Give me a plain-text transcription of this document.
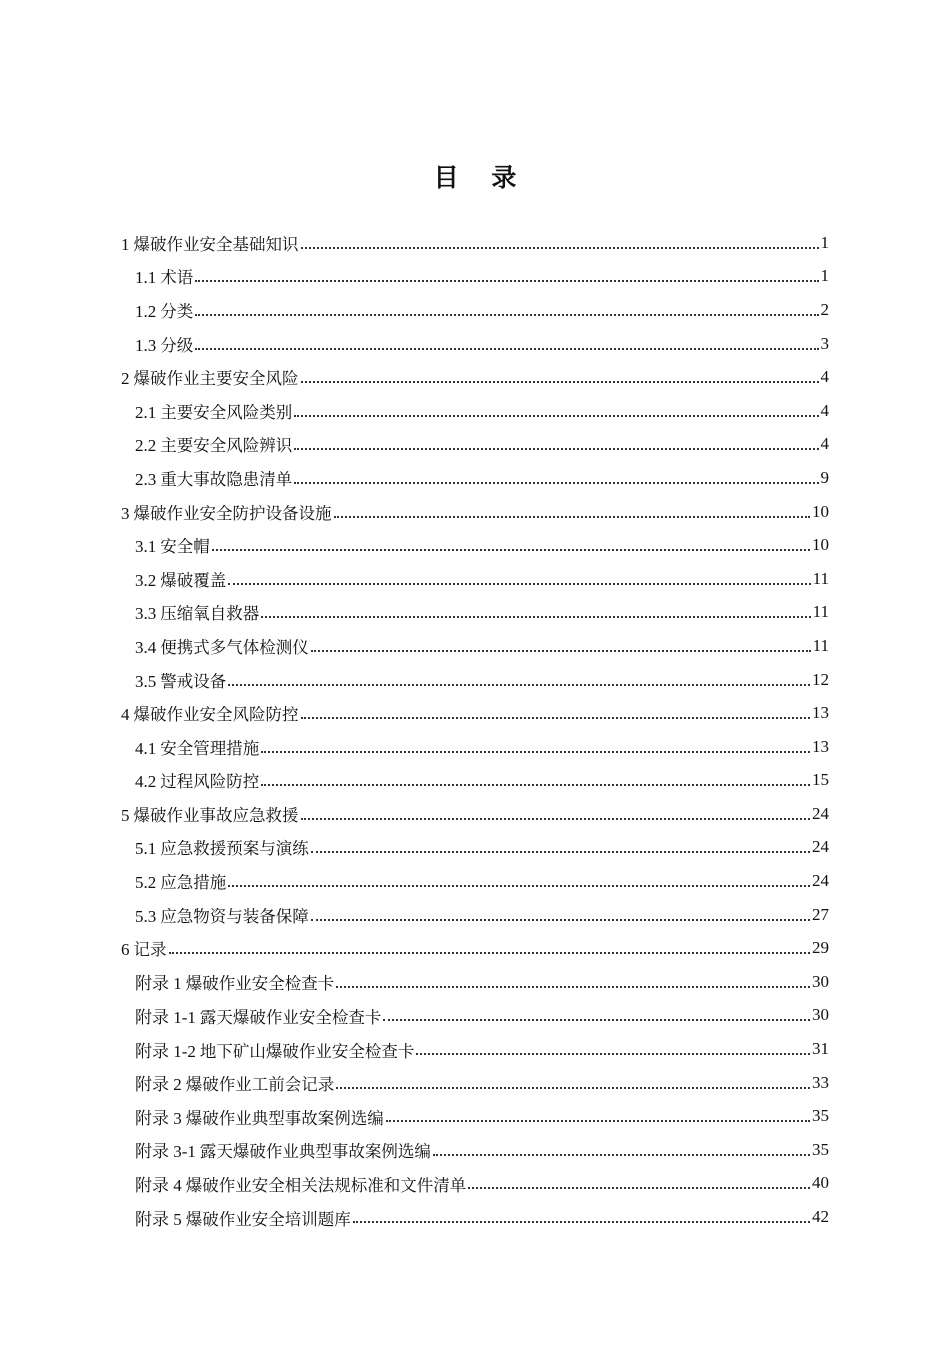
目 录
1 爆破作业安全基础知识	1
1.1 术语	1
1.2 分类	2
1.3 分级	3
2 爆破作业主要安全风险	4
2.1 主要安全风险类别	4
2.2 主要安全风险辨识	4
2.3 重大事故隐患清单	9
3 爆破作业安全防护设备设施	10
3.1 安全帽	10
3.2 爆破覆盖	11
3.3 压缩氧自救器	11
3.4 便携式多气体检测仪	11
3.5 警戒设备	12
4 爆破作业安全风险防控	13
4.1 安全管理措施	13
4.2 过程风险防控	15
5 爆破作业事故应急救援	24
5.1 应急救援预案与演练	24
5.2 应急措施	24
5.3 应急物资与装备保障	27
6 记录	29
附录 1 爆破作业安全检查卡	30
附录 1-1 露天爆破作业安全检查卡	30
附录 1-2 地下矿山爆破作业安全检查卡	31
附录 2 爆破作业工前会记录	33
附录 3 爆破作业典型事故案例选编	35
附录 3-1 露天爆破作业典型事故案例选编	35
附录 4 爆破作业安全相关法规标准和文件清单	40
附录 5 爆破作业安全培训题库	42
